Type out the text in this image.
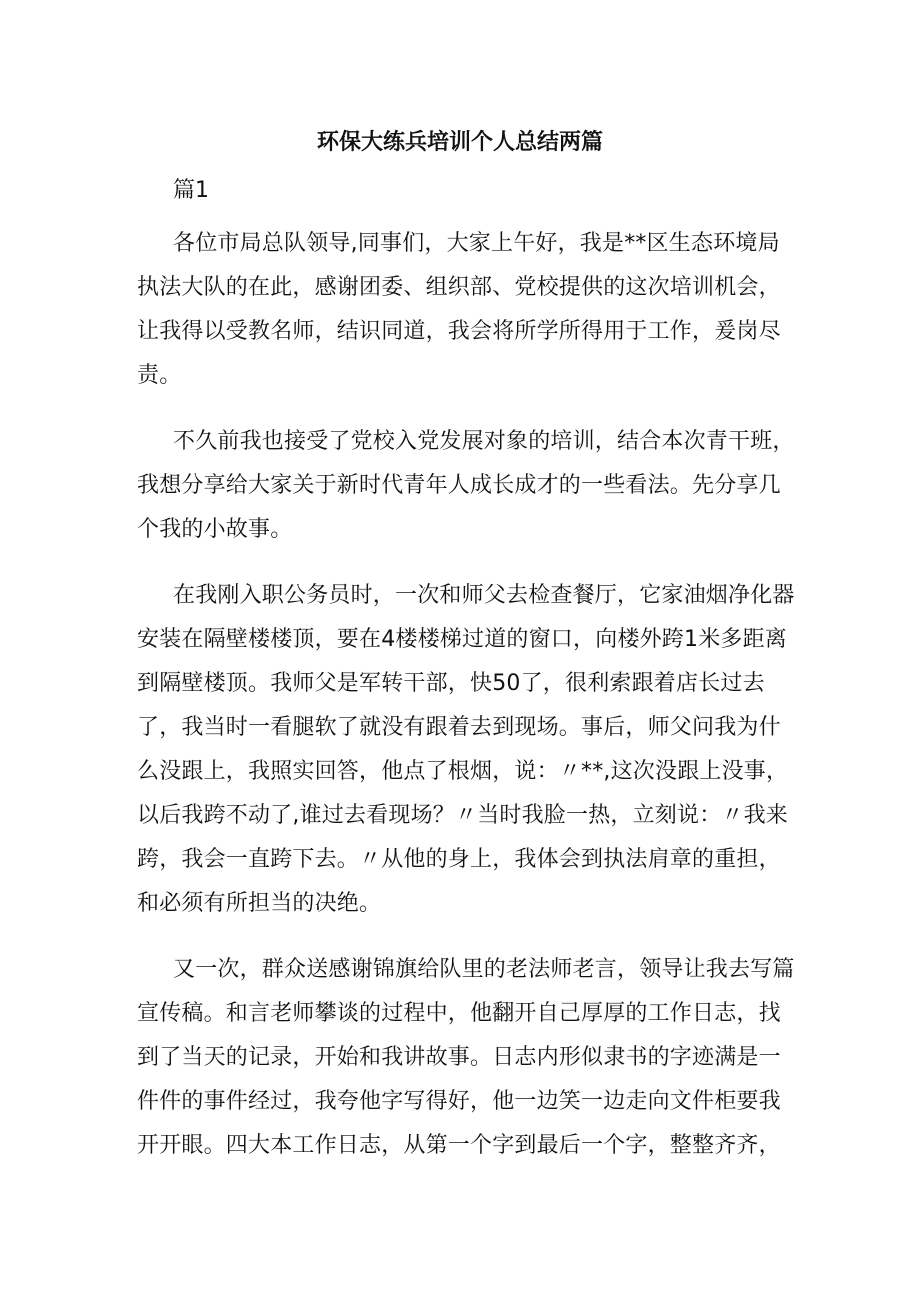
环保大练兵培训个人总结两篇
篇1
各位市局总队领导,同事们，大家上午好，我是**区生态环境局
执法大队的在此，感谢团委、组织部、党校提供的这次培训机会，
让我得以受教名师，结识同道，我会将所学所得用于工作，爰岗尽
责。
不久前我也接受了党校入党发展对象的培训，结合本次青干班，
我想分享给大家关于新时代青年人成长成才的一些看法。先分享几
个我的小故事。
在我刚入职公务员时，一次和师父去检查餐厅，它家油烟净化器
安装在隔壁楼楼顶，要在4楼楼梯过道的窗口，向楼外跨1米多距离
到隔壁楼顶。我师父是军转干部，快50了，很利索跟着店长过去
了，我当时一看腿软了就没有跟着去到现场。事后，师父问我为什
么没跟上，我照实回答，他点了根烟，说：〃**,这次没跟上没事，
以后我跨不动了,谁过去看现场？〃当时我脸一热，立刻说：〃我来
跨，我会一直跨下去。〃从他的身上，我体会到执法肩章的重担，
和必须有所担当的决绝。
又一次，群众送感谢锦旗给队里的老法师老言，领导让我去写篇
宣传稿。和言老师攀谈的过程中，他翻开自己厚厚的工作日志，找
到了当天的记录，开始和我讲故事。日志内形似隶书的字迹满是一
件件的事件经过，我夸他字写得好，他一边笑一边走向文件柜要我
开开眼。四大本工作日志，从第一个字到最后一个字，整整齐齐，
